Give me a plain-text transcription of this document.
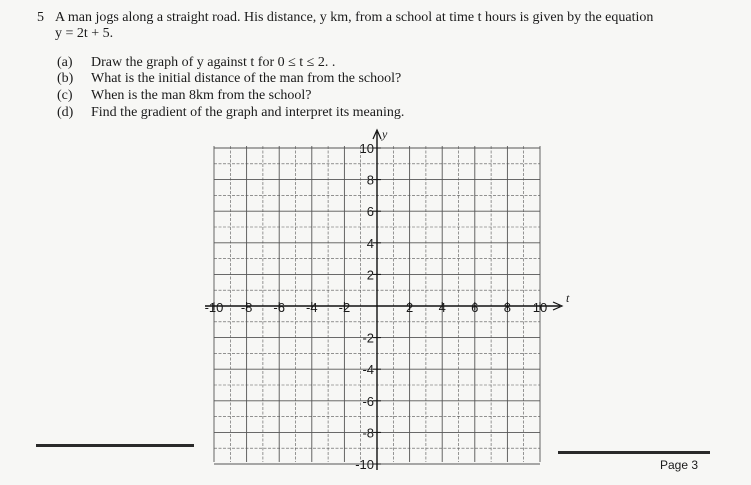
5 A man jogs along a straight road. His distance, y km, from a school at time t hours is given by the equation
y = 2t + 5.
(a) Draw the graph of y against t for 0 ≤ t ≤ 2. .
(b) What is the initial distance of the man from the school?
(c) When is the man 8km from the school?
(d) Find the gradient of the graph and interpret its meaning.
-10 -8 -6 -4 -2	2 4 6 8 10
10
8
6
4
2
-2
-4
-6
-8
-10
t
y
Page 3
